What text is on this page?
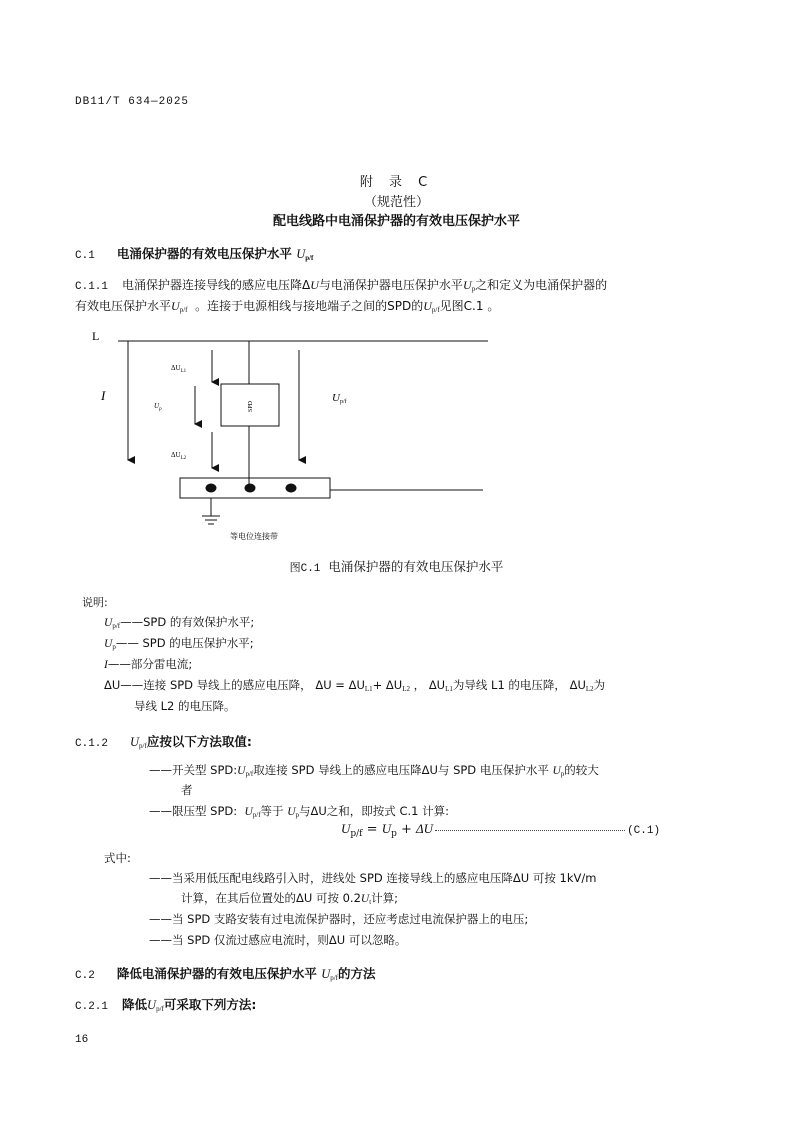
DB11/T 634—2025
附 录 C
（规范性）
配电线路中电涌保护器的有效电压保护水平
C.1 电涌保护器的有效电压保护水平 $U_{p/f}$
C.1.1 电涌保护器连接导线的感应电压降ΔU与电涌保护器电压保护水平$U_p$之和定义为电涌保护器的
有效电压保护水平$U_{p/f}$ 。连接于电源相线与接地端子之间的SPD的$U_{p/f}$见图C.1 。
L
I
SPD
$\Delta U_{L1}$
$U_p$
$\Delta U_{L2}$
Up/f
等电位连接带
图C.1 电涌保护器的有效电压保护水平
说明:
$U_{p/f}——SPD$ 的有效保护水平;
$U_p——$ SPD 的电压保护水平;
I——部分雷电流;
ΔU——连接 SPD 导线上的感应电压降， $\Delta U = \Delta U_{L1}+ \Delta U_{L2}$ ， $\Delta U_{L1}$为导线 L1 的电压降， $\Delta U_{L2}$为
导线 L2 的电压降。
C.1.2 $U_{p/f}$应按以下方法取值:
——开关型 $SPD:U_{p/f}$取连接 SPD 导线上的感应电压降ΔU与 SPD 电压保护水平 $U_p$的较大
者
——限压型 SPD: $U_{p/f}$等于 $U_p$与ΔU之和，即按式 C.1 计算:
$U_{p/f} = U_p + \Delta U$	(C.1)
式中:
——当采用低压配电线路引入时，进线处 SPD 连接导线上的感应电压降ΔU 可按 1kV/m
计算，在其后位置处的ΔU 可按 $0.2U_t$计算;
——当 SPD 支路安装有过电流保护器时，还应考虑过电流保护器上的电压;
——当 SPD 仅流过感应电流时，则ΔU 可以忽略。
C.2 降低电涌保护器的有效电压保护水平 $U_{p/f}$的方法
C.2.1 降低$U_{p/f}$可采取下列方法:
16
